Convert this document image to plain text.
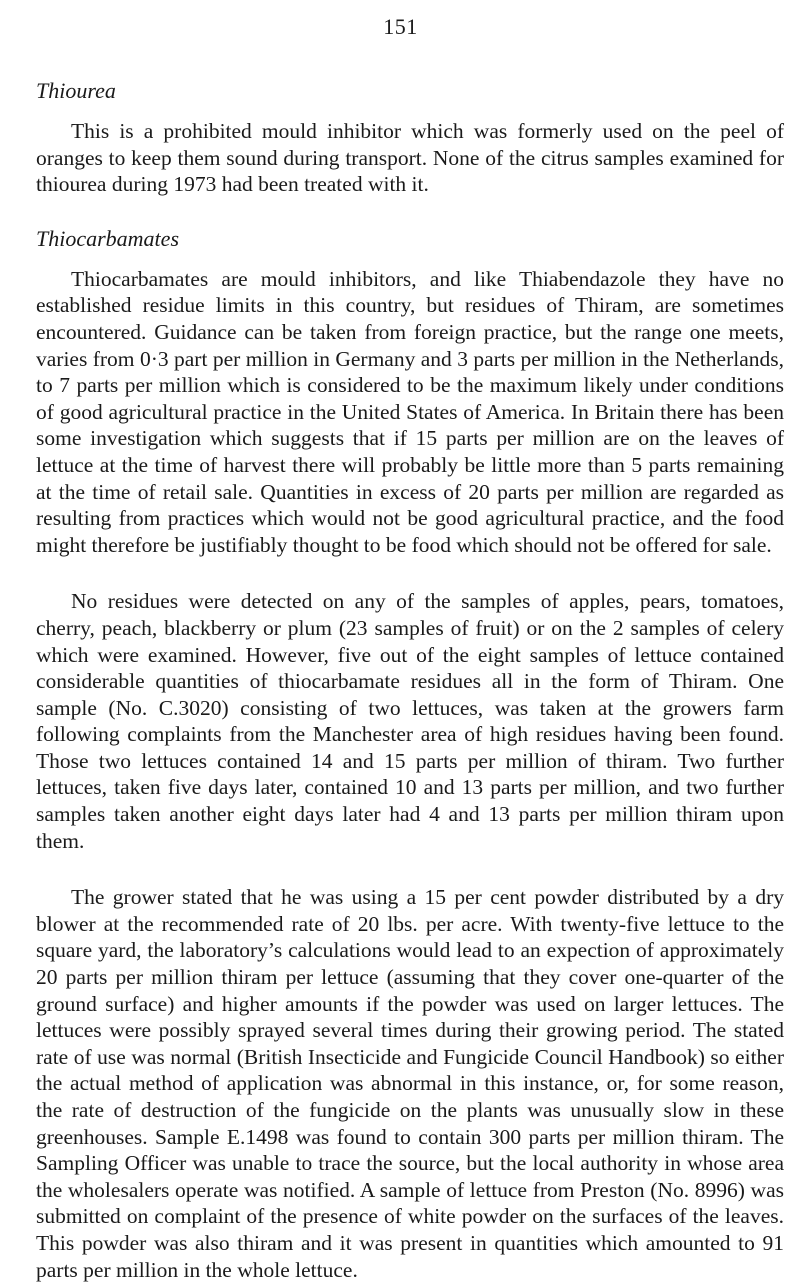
151

Thiourea

This is a prohibited mould inhibitor which was formerly used on the peel of oranges to keep them sound during transport. None of the citrus samples examined for thiourea during 1973 had been treated with it.

Thiocarbamates

Thiocarbamates are mould inhibitors, and like Thiabendazole they have no established residue limits in this country, but residues of Thiram, are sometimes encountered. Guidance can be taken from foreign practice, but the range one meets, varies from 0·3 part per million in Germany and 3 parts per million in the Netherlands, to 7 parts per million which is considered to be the maximum likely under conditions of good agricultural practice in the United States of America. In Britain there has been some investigation which suggests that if 15 parts per million are on the leaves of lettuce at the time of harvest there will probably be little more than 5 parts remaining at the time of retail sale. Quantities in excess of 20 parts per million are regarded as resulting from practices which would not be good agricultural practice, and the food might therefore be justifiably thought to be food which should not be offered for sale.

No residues were detected on any of the samples of apples, pears, tomatoes, cherry, peach, blackberry or plum (23 samples of fruit) or on the 2 samples of celery which were examined. However, five out of the eight samples of lettuce contained considerable quantities of thiocarbamate residues all in the form of Thiram. One sample (No. C.3020) consisting of two lettuces, was taken at the growers farm following complaints from the Manchester area of high residues having been found. Those two lettuces contained 14 and 15 parts per million of thiram. Two further lettuces, taken five days later, contained 10 and 13 parts per million, and two further samples taken another eight days later had 4 and 13 parts per million thiram upon them.

The grower stated that he was using a 15 per cent powder distributed by a dry blower at the recommended rate of 20 lbs. per acre. With twenty-five lettuce to the square yard, the laboratory’s calculations would lead to an expection of approximately 20 parts per million thiram per lettuce (assuming that they cover one-quarter of the ground surface) and higher amounts if the powder was used on larger lettuces. The lettuces were possibly sprayed several times during their growing period. The stated rate of use was normal (British Insecticide and Fungicide Council Handbook) so either the actual method of application was abnormal in this instance, or, for some reason, the rate of destruction of the fungicide on the plants was unusually slow in these greenhouses. Sample E.1498 was found to contain 300 parts per million thiram. The Sampling Officer was unable to trace the source, but the local authority in whose area the wholesalers operate was notified. A sample of lettuce from Preston (No. 8996) was submitted on complaint of the presence of white powder on the surfaces of the leaves. This powder was also thiram and it was present in quantities which amounted to 91 parts per million in the whole lettuce.
